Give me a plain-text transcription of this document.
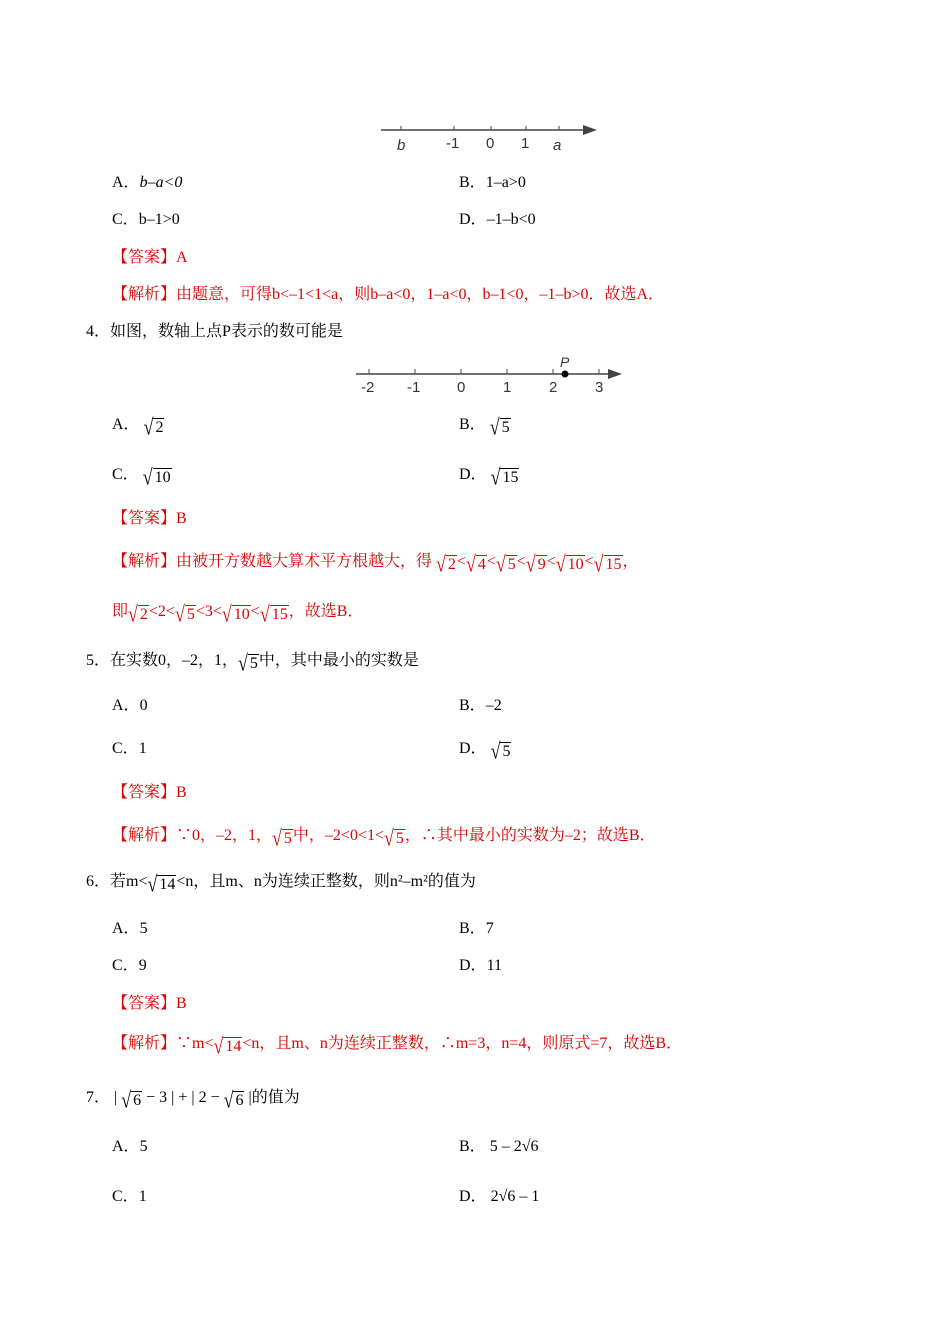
b	-1 0 1 a
A．b–a<0	B．1–a>0
C．b–1>0	D．–1–b<0
【答案】A
【解析】由题意，可得b<–1<1<a，则b–a<0，1–a<0，b–1<0，–1–b>0．故选A．
4．如图，数轴上点P表示的数可能是
P
-2 -1 0	1	2	3
A． √ 2	B． √ 5
C． √ 10	D． √ 15
【答案】B
【解析】由被开方数越大算术平方根越大，得 √ 2 < √ 4 < √ 5 < √ 9 < √ 10 < √ 15 ，
即 √ 2 <2< √ 5 <3< √ 10 < √ 15 ，故选B．
5．在实数0，–2，1， √ 5 中，其中最小的实数是
A．0	B．–2
C．1	D． √ 5
【答案】B
【解析】∵0，–2，1， √ 5 中，–2<0<1< √ 5 ，∴其中最小的实数为–2；故选B．
6．若m< √ 14 <n，且m、n为连续正整数，则n²–m²的值为
A．5	B．7
C．9	D．11
【答案】B
【解析】∵m< √ 14 <n，且m、n为连续正整数，∴m=3，n=4，则原式=7，故选B．
7． | √ 6 − 3 | + | 2 − √ 6 |的值为
A．5	B． 5 – 2√6
C．1	D． 2√6 – 1
